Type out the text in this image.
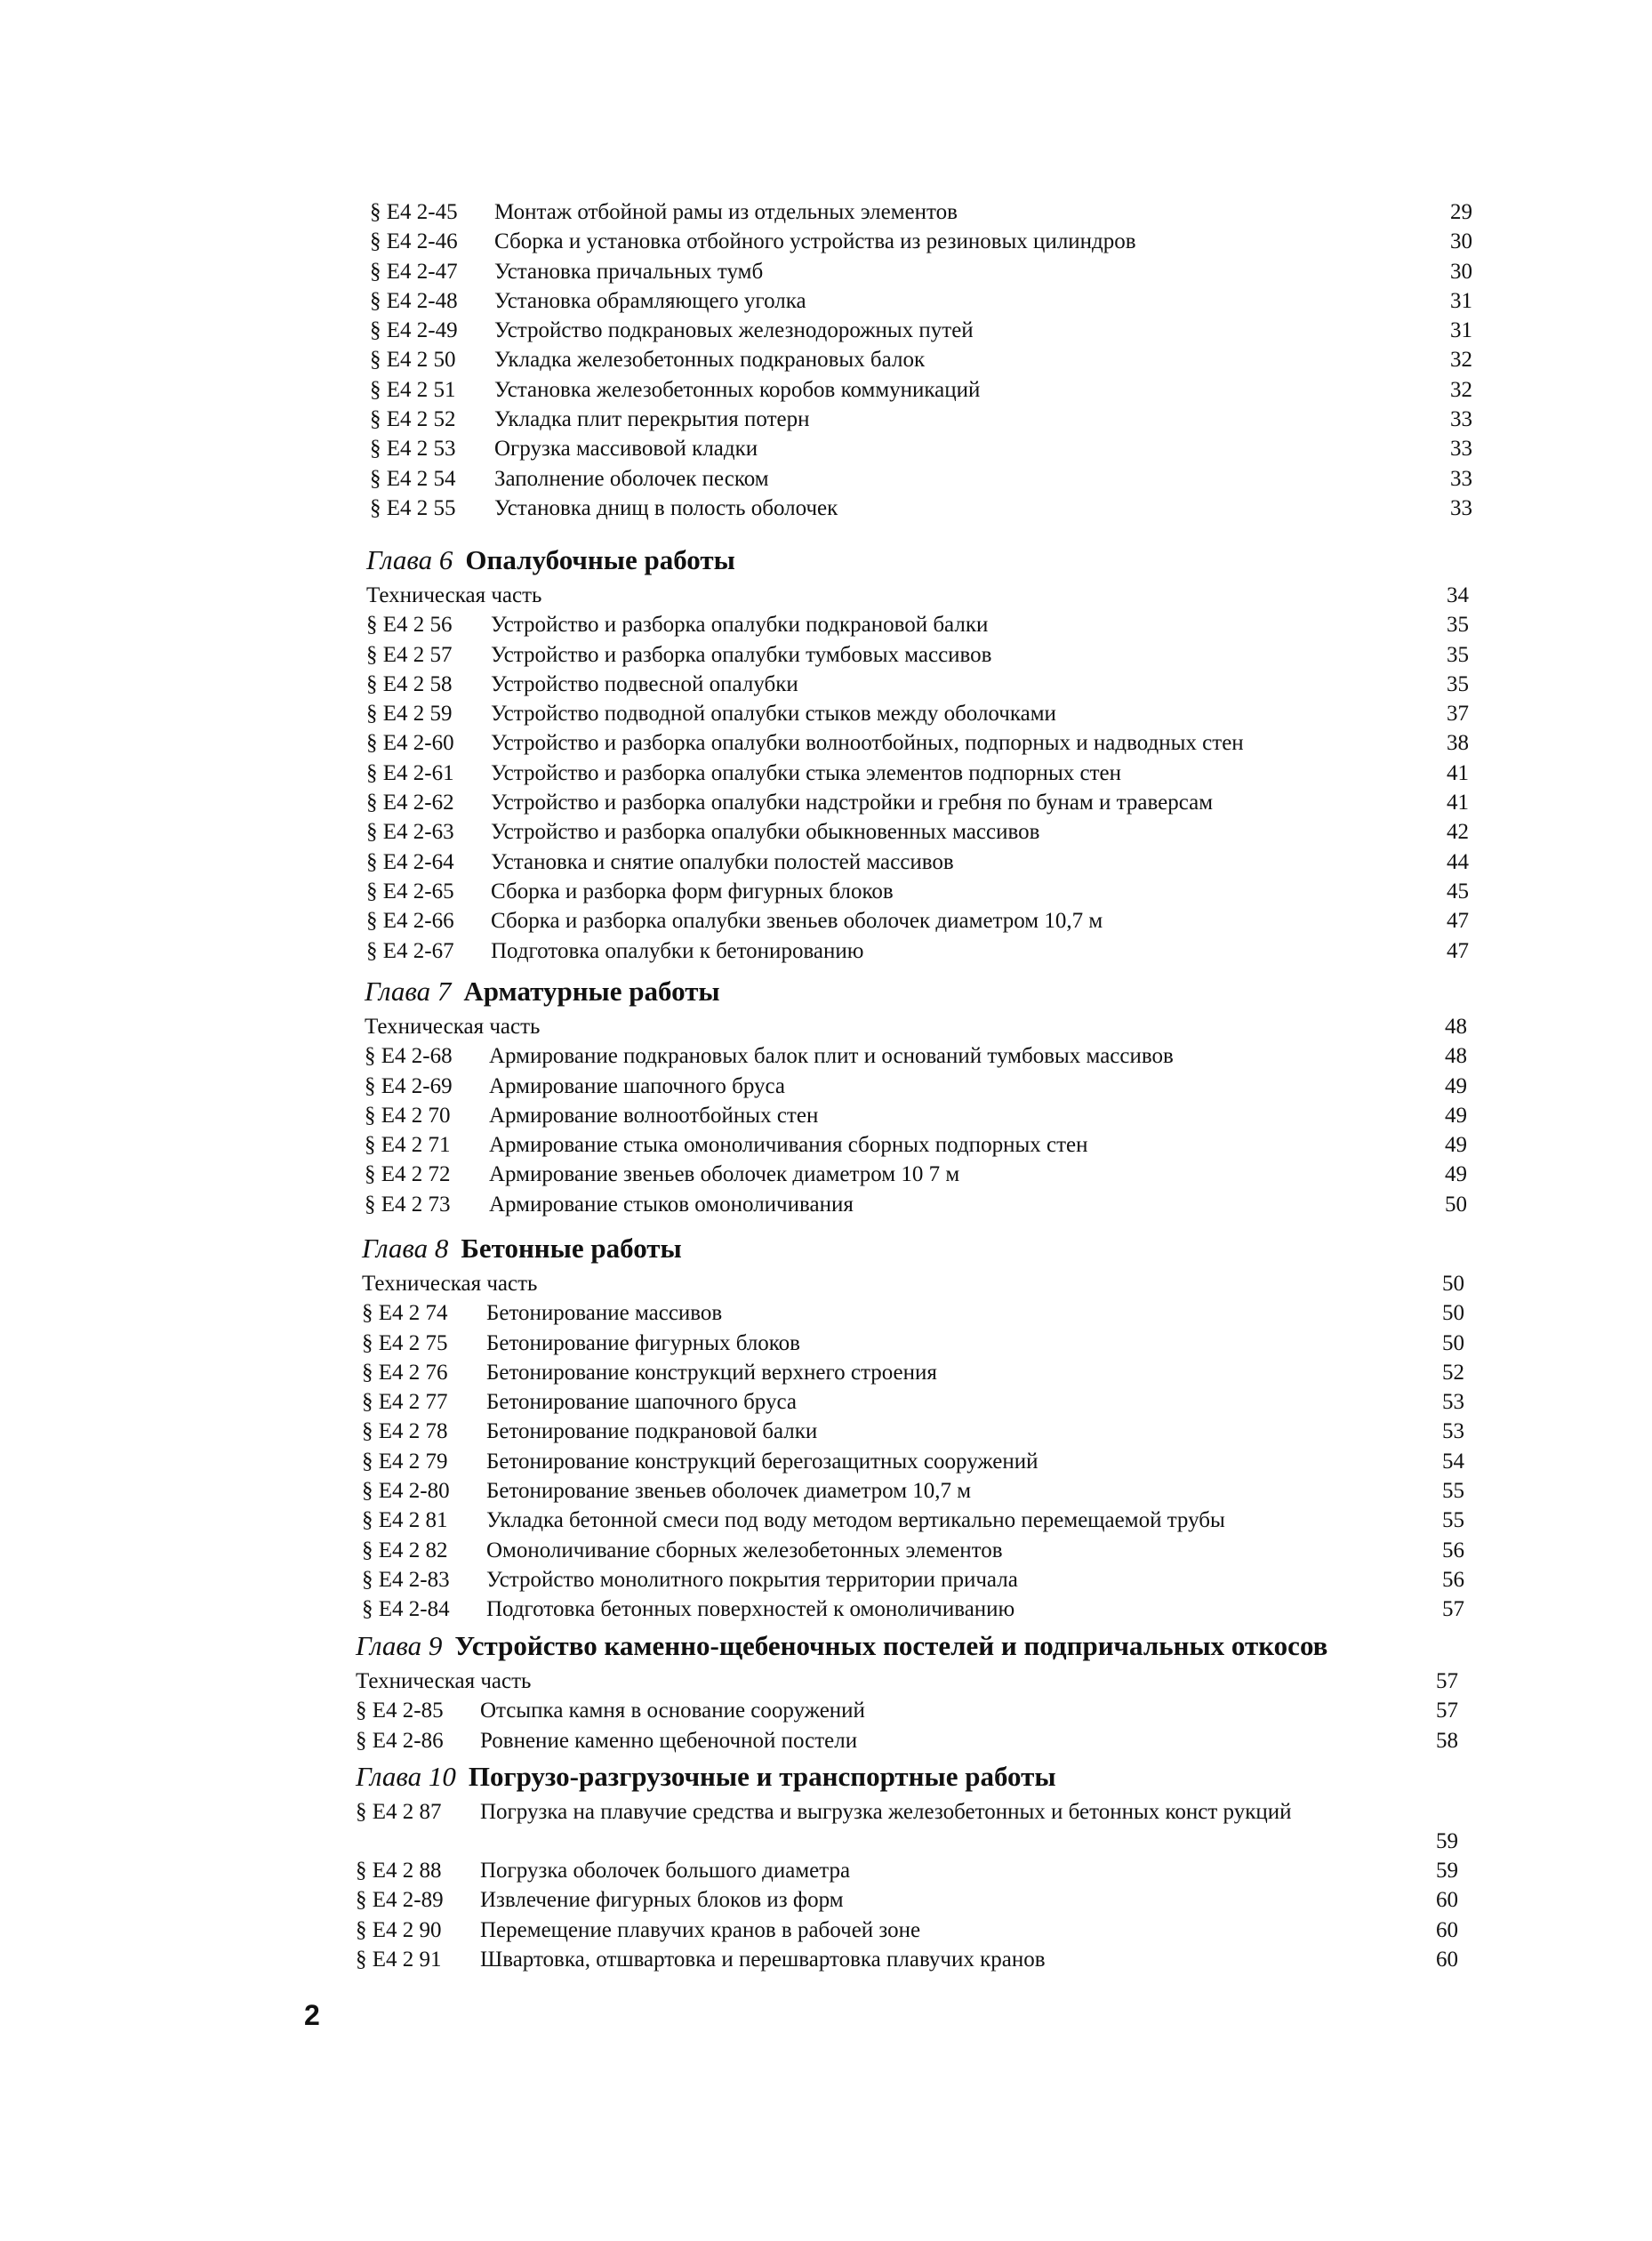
§ Е4 2-45 Монтаж отбойной рамы из отдельных элементов	29
§ Е4 2-46 Сборка и установка отбойного устройства из резиновых цилиндров	30
§ Е4 2-47 Установка причальных тумб	30
§ Е4 2-48 Установка обрамляющего уголка	31
§ Е4 2-49 Устройство подкрановых железнодорожных путей	31
§ Е4 2 50 Укладка железобетонных подкрановых балок	32
§ Е4 2 51 Установка железобетонных коробов коммуникаций	32
§ Е4 2 52 Укладка плит перекрытия потерн	33
§ Е4 2 53 Огрузка массивовой кладки	33
§ Е4 2 54 Заполнение оболочек песком	33
§ Е4 2 55 Установка днищ в полость оболочек	33
Глава 6 Опалубочные работы
Техническая часть	34
§ Е4 2 56 Устройство и разборка опалубки подкрановой балки	35
§ Е4 2 57 Устройство и разборка опалубки тумбовых массивов	35
§ Е4 2 58 Устройство подвесной опалубки	35
§ Е4 2 59 Устройство подводной опалубки стыков между оболочками	37
§ Е4 2-60 Устройство и разборка опалубки волноотбойных, подпорных и надводных стен	38
§ Е4 2-61 Устройство и разборка опалубки стыка элементов подпорных стен	41
§ Е4 2-62 Устройство и разборка опалубки надстройки и гребня по бунам и траверсам	41
§ Е4 2-63 Устройство и разборка опалубки обыкновенных массивов	42
§ Е4 2-64 Установка и снятие опалубки полостей массивов	44
§ Е4 2-65 Сборка и разборка форм фигурных блоков	45
§ Е4 2-66 Сборка и разборка опалубки звеньев оболочек диаметром 10,7 м	47
§ Е4 2-67 Подготовка опалубки к бетонированию	47
Глава 7 Арматурные работы
Техническая часть	48
§ Е4 2-68 Армирование подкрановых балок плит и оснований тумбовых массивов	48
§ Е4 2-69 Армирование шапочного бруса	49
§ Е4 2 70 Армирование волноотбойных стен	49
§ Е4 2 71 Армирование стыка омоноличивания сборных подпорных стен	49
§ Е4 2 72 Армирование звеньев оболочек диаметром 10 7 м	49
§ Е4 2 73 Армирование стыков омоноличивания	50
Глава 8 Бетонные работы
Техническая часть	50
§ Е4 2 74 Бетонирование массивов	50
§ Е4 2 75 Бетонирование фигурных блоков	50
§ Е4 2 76 Бетонирование конструкций верхнего строения	52
§ Е4 2 77 Бетонирование шапочного бруса	53
§ Е4 2 78 Бетонирование подкрановой балки	53
§ Е4 2 79 Бетонирование конструкций берегозащитных сооружений	54
§ Е4 2-80 Бетонирование звеньев оболочек диаметром 10,7 м	55
§ Е4 2 81 Укладка бетонной смеси под воду методом вертикально перемещаемой трубы	55
§ Е4 2 82 Омоноличивание сборных железобетонных элементов	56
§ Е4 2-83 Устройство монолитного покрытия территории причала	56
§ Е4 2-84 Подготовка бетонных поверхностей к омоноличиванию	57
Глава 9 Устройство каменно-щебеночных постелей и подпричальных откосов
Техническая часть	57
§ Е4 2-85 Отсыпка камня в основание сооружений	57
§ Е4 2-86 Ровнение каменно щебеночной постели	58
Глава 10 Погрузо-разгрузочные и транспортные работы
§ Е4 2 87 Погрузка на плавучие средства и выгрузка железобетонных и бетонных конст рукций
59
§ Е4 2 88 Погрузка оболочек большого диаметра	59
§ Е4 2-89 Извлечение фигурных блоков из форм	60
§ Е4 2 90 Перемещение плавучих кранов в рабочей зоне	60
§ Е4 2 91 Швартовка, отшвартовка и перешвартовка плавучих кранов	60
2
